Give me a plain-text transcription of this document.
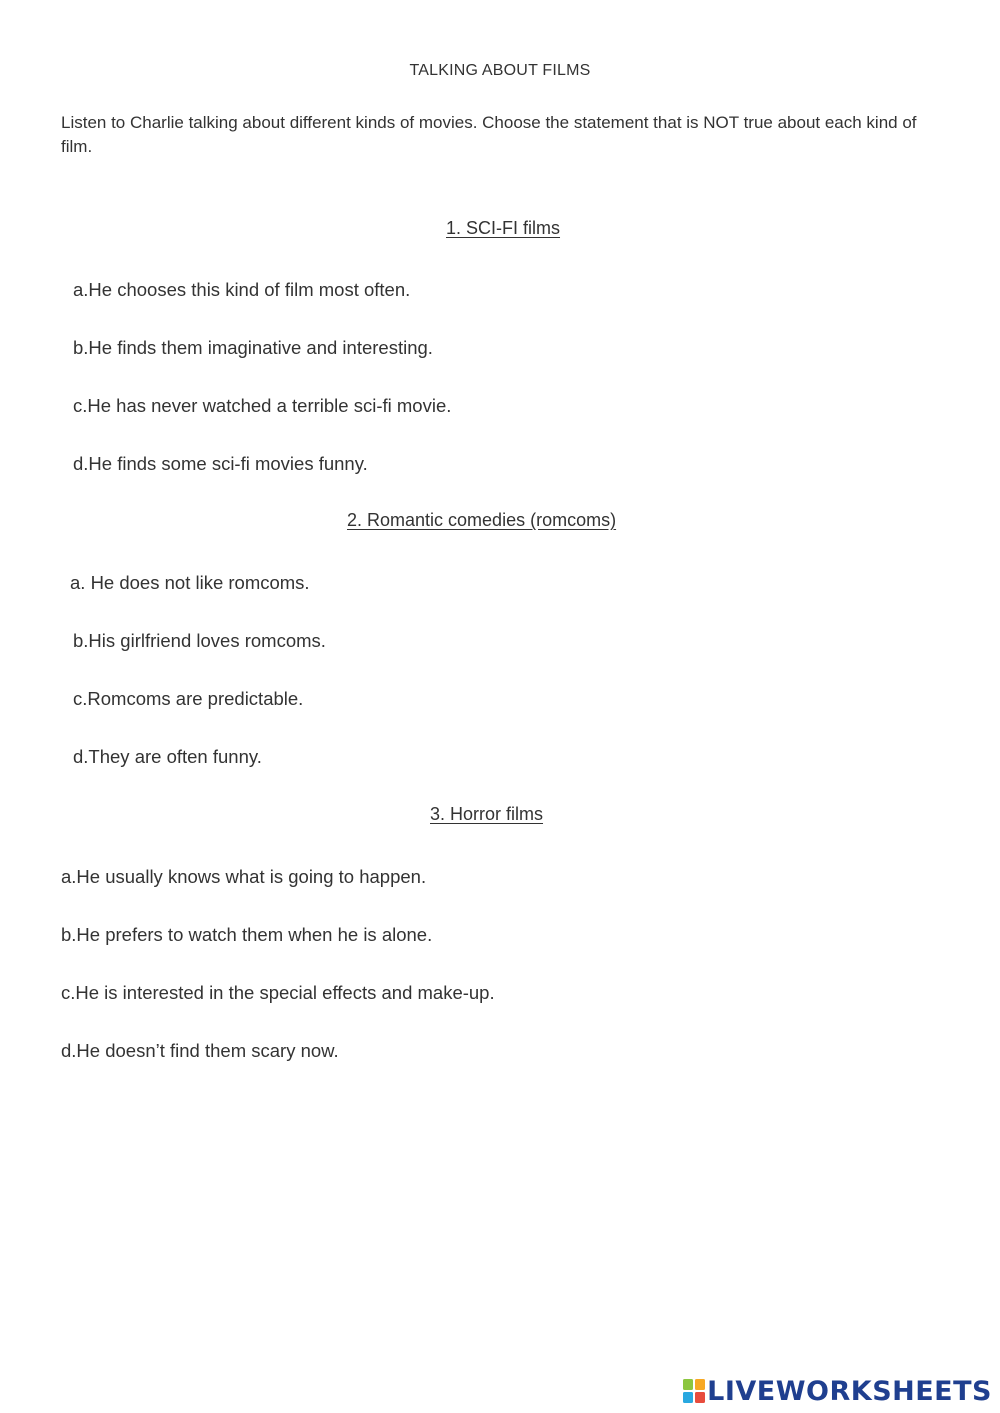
TALKING ABOUT FILMS
Listen to Charlie talking about different kinds of movies. Choose the statement that is NOT true about each kind of film.
1. SCI-FI films
a.He chooses this kind of film most often.
b.He finds them imaginative and interesting.
c.He has never watched a terrible sci-fi movie.
d.He finds some sci-fi movies funny.
2. Romantic comedies (romcoms)
a. He does not like romcoms.
b.His girlfriend loves romcoms.
c.Romcoms are predictable.
d.They are often funny.
3. Horror films
a.He usually knows what is going to happen.
b.He prefers to watch them when he is alone.
c.He is interested in the special effects and make-up.
d.He doesn’t find them scary now.
LIVEWORKSHEETS
